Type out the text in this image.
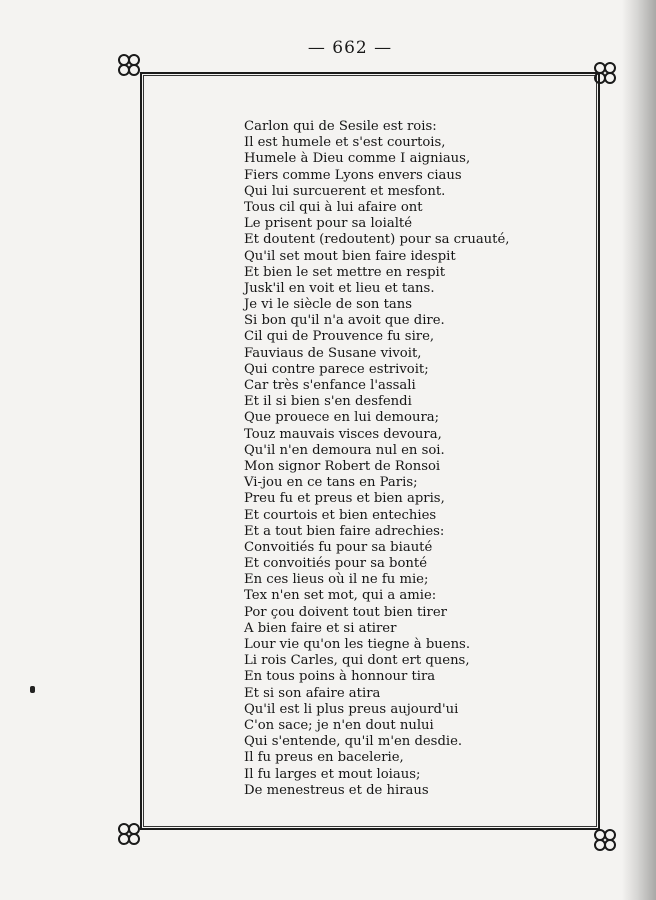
— 662 —
Carlon qui de Sesile est rois:
Il est humele et s'est courtois,
Humele à Dieu comme I aigniaus,
Fiers comme Lyons envers ciaus
Qui lui surcuerent et mesfont.
Tous cil qui à lui afaire ont
Le prisent pour sa loialté
Et doutent (redoutent) pour sa cruauté,
Qu'il set mout bien faire idespit
Et bien le set mettre en respit
Jusk'il en voit et lieu et tans.
Je vi le siècle de son tans
Si bon qu'il n'a avoit que dire.
Cil qui de Prouvence fu sire,
Fauviaus de Susane vivoit,
Qui contre parece estrivoit;
Car très s'enfance l'assali
Et il si bien s'en desfendi
Que prouece en lui demoura;
Touz mauvais visces devoura,
Qu'il n'en demoura nul en soi.
Mon signor Robert de Ronsoi
Vi-jou en ce tans en Paris;
Preu fu et preus et bien apris,
Et courtois et bien entechies
Et a tout bien faire adrechies:
Convoitiés fu pour sa biauté
Et convoitiés pour sa bonté
En ces lieus où il ne fu mie;
Tex n'en set mot, qui a amie:
Por çou doivent tout bien tirer
A bien faire et si atirer
Lour vie qu'on les tiegne à buens.
Li rois Carles, qui dont ert quens,
En tous poins à honnour tira
Et si son afaire atira
Qu'il est li plus preus aujourd'ui
C'on sace; je n'en dout nului
Qui s'entende, qu'il m'en desdie.
Il fu preus en bacelerie,
Il fu larges et mout loiaus;
De menestreus et de hiraus
